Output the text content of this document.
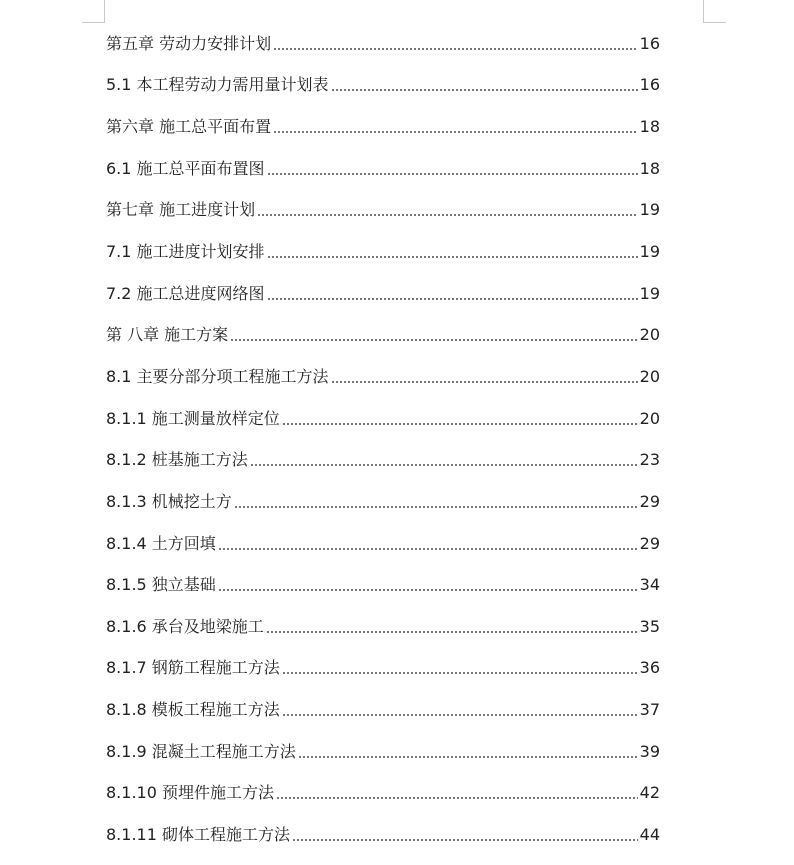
第五章 劳动力安排计划	16
5.1 本工程劳动力需用量计划表	16
第六章 施工总平面布置	18
6.1 施工总平面布置图	18
第七章 施工进度计划	19
7.1 施工进度计划安排	19
7.2 施工总进度网络图	19
第 八章 施工方案	20
8.1 主要分部分项工程施工方法	20
8.1.1 施工测量放样定位	20
8.1.2 桩基施工方法	23
8.1.3 机械挖土方	29
8.1.4 土方回填	29
8.1.5 独立基础	34
8.1.6 承台及地梁施工	35
8.1.7 钢筋工程施工方法	36
8.1.8 模板工程施工方法	37
8.1.9 混凝土工程施工方法	39
8.1.10 预埋件施工方法	42
8.1.11 砌体工程施工方法	44
